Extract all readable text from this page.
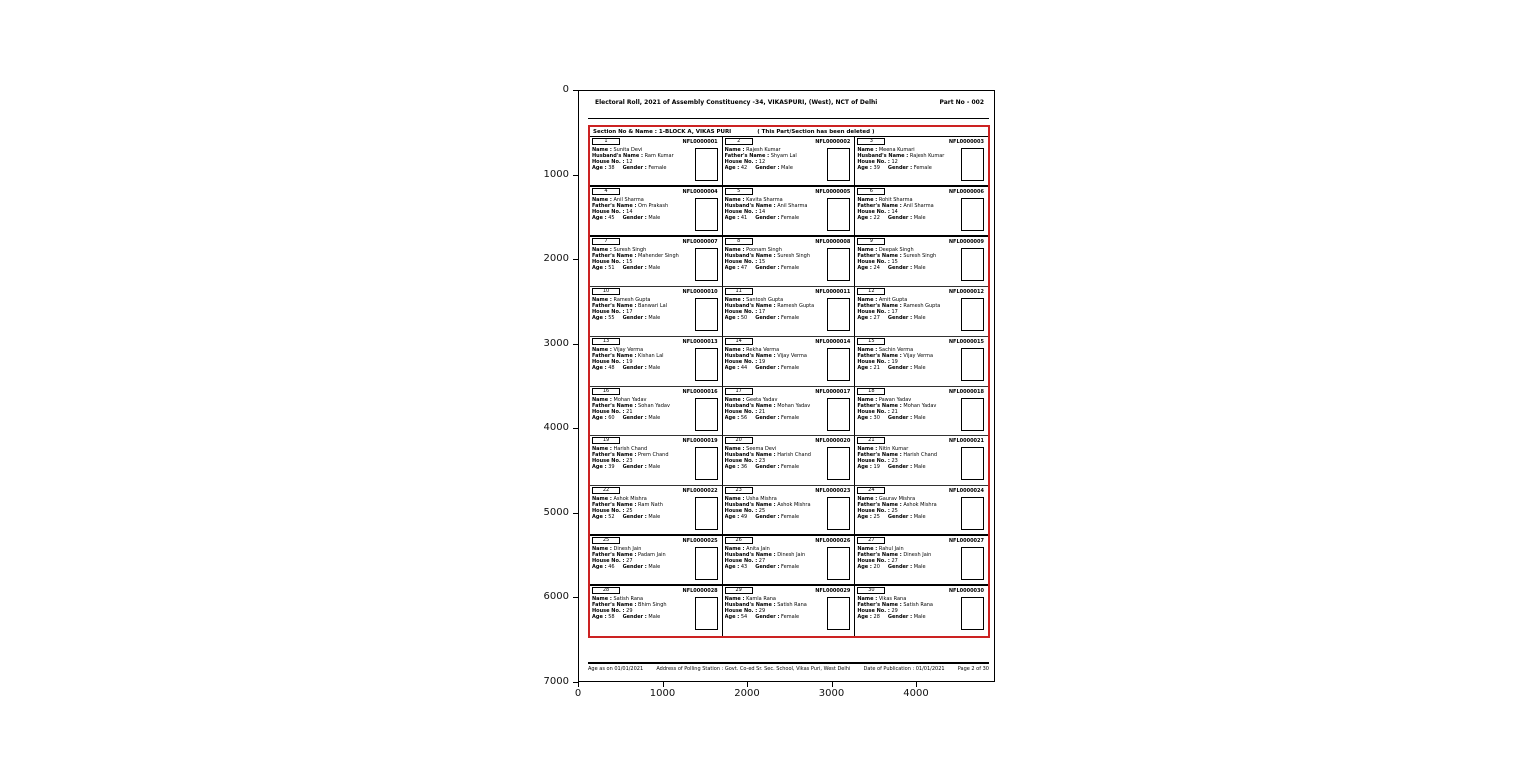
Electoral Roll, 2021 of Assembly Constituency -34, VIKASPURI, (West), NCT of Delhi	Part No - 002
Section No & Name : 1-BLOCK A, VIKAS PURI	( This Part/Section has been deleted )
1	NFL0000001
Name : Sunita Devi
Husband's Name : Ram Kumar
House No. : 12
Age : 38 Gender : Female
2	NFL0000002
Name : Rajesh Kumar
Father's Name : Shyam Lal
House No. : 12
Age : 42 Gender : Male
3	NFL0000003
Name : Meena Kumari
Husband's Name : Rajesh Kumar
House No. : 12
Age : 39 Gender : Female
4	NFL0000004
Name : Anil Sharma
Father's Name : Om Prakash
House No. : 14
Age : 45 Gender : Male
5	NFL0000005
Name : Kavita Sharma
Husband's Name : Anil Sharma
House No. : 14
Age : 41 Gender : Female
6	NFL0000006
Name : Rohit Sharma
Father's Name : Anil Sharma
House No. : 14
Age : 22 Gender : Male
7	NFL0000007
Name : Suresh Singh
Father's Name : Mahender Singh
House No. : 15
Age : 51 Gender : Male
8	NFL0000008
Name : Poonam Singh
Husband's Name : Suresh Singh
House No. : 15
Age : 47 Gender : Female
9	NFL0000009
Name : Deepak Singh
Father's Name : Suresh Singh
House No. : 15
Age : 24 Gender : Male
10	NFL0000010
Name : Ramesh Gupta
Father's Name : Banwari Lal
House No. : 17
Age : 55 Gender : Male
11	NFL0000011
Name : Santosh Gupta
Husband's Name : Ramesh Gupta
House No. : 17
Age : 50 Gender : Female
12	NFL0000012
Name : Amit Gupta
Father's Name : Ramesh Gupta
House No. : 17
Age : 27 Gender : Male
13	NFL0000013
Name : Vijay Verma
Father's Name : Kishan Lal
House No. : 19
Age : 48 Gender : Male
14	NFL0000014
Name : Rekha Verma
Husband's Name : Vijay Verma
House No. : 19
Age : 44 Gender : Female
15	NFL0000015
Name : Sachin Verma
Father's Name : Vijay Verma
House No. : 19
Age : 21 Gender : Male
16	NFL0000016
Name : Mohan Yadav
Father's Name : Sohan Yadav
House No. : 21
Age : 60 Gender : Male
17	NFL0000017
Name : Geeta Yadav
Husband's Name : Mohan Yadav
House No. : 21
Age : 56 Gender : Female
18	NFL0000018
Name : Pawan Yadav
Father's Name : Mohan Yadav
House No. : 21
Age : 30 Gender : Male
19	NFL0000019
Name : Harish Chand
Father's Name : Prem Chand
House No. : 23
Age : 39 Gender : Male
20	NFL0000020
Name : Seema Devi
Husband's Name : Harish Chand
House No. : 23
Age : 36 Gender : Female
21	NFL0000021
Name : Nitin Kumar
Father's Name : Harish Chand
House No. : 23
Age : 19 Gender : Male
22	NFL0000022
Name : Ashok Mishra
Father's Name : Ram Nath
House No. : 25
Age : 52 Gender : Male
23	NFL0000023
Name : Usha Mishra
Husband's Name : Ashok Mishra
House No. : 25
Age : 49 Gender : Female
24	NFL0000024
Name : Gaurav Mishra
Father's Name : Ashok Mishra
House No. : 25
Age : 25 Gender : Male
25	NFL0000025
Name : Dinesh Jain
Father's Name : Padam Jain
House No. : 27
Age : 46 Gender : Male
26	NFL0000026
Name : Anita Jain
Husband's Name : Dinesh Jain
House No. : 27
Age : 43 Gender : Female
27	NFL0000027
Name : Rahul Jain
Father's Name : Dinesh Jain
House No. : 27
Age : 20 Gender : Male
28	NFL0000028
Name : Satish Rana
Father's Name : Bhim Singh
House No. : 29
Age : 58 Gender : Male
29	NFL0000029
Name : Kamla Rana
Husband's Name : Satish Rana
House No. : 29
Age : 54 Gender : Female
30	NFL0000030
Name : Vikas Rana
Father's Name : Satish Rana
House No. : 29
Age : 28 Gender : Male
Age as on 01/01/2021	Address of Polling Station : Govt. Co-ed Sr. Sec. School, Vikas Puri, West Delhi	Date of Publication : 01/01/2021	Page 2 of 30
0
1000
2000
3000
4000
5000
6000
7000
0	1000	2000	3000	4000
